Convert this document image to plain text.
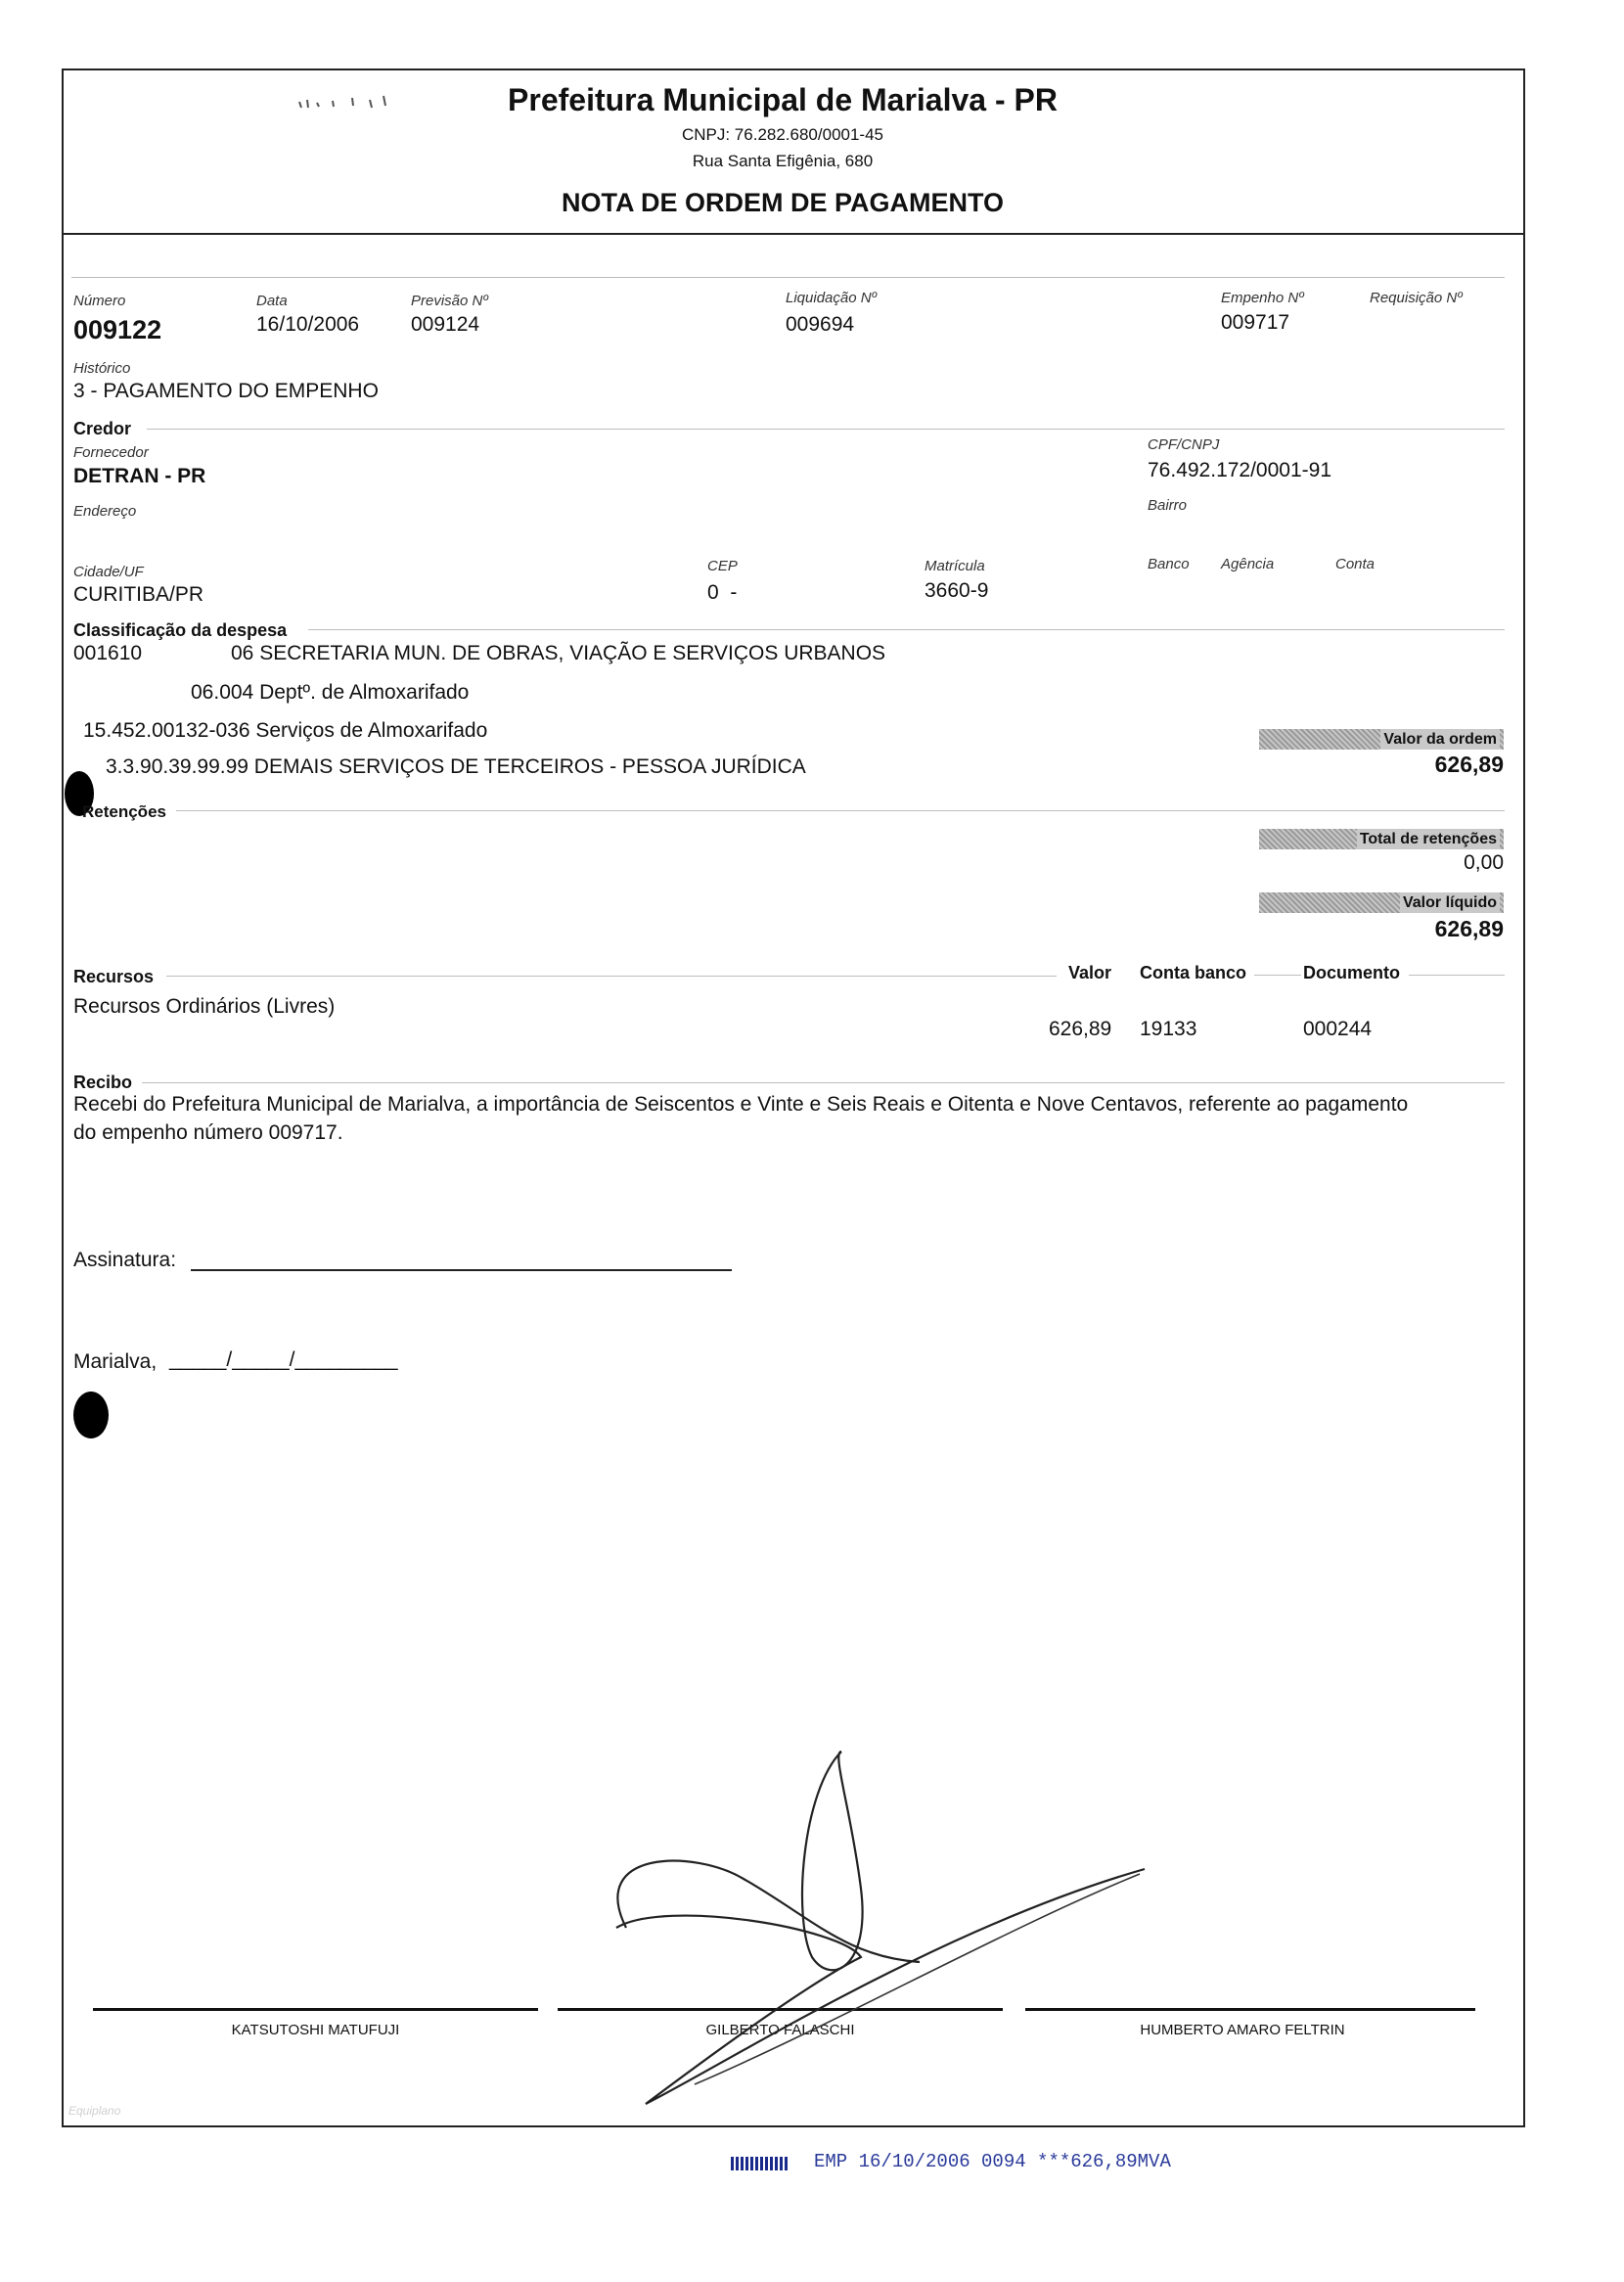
Prefeitura Municipal de Marialva - PR
CNPJ: 76.282.680/0001-45
Rua Santa Efigênia, 680
NOTA DE ORDEM DE PAGAMENTO
Número
009122
Data
16/10/2006
Previsão Nº
009124
Liquidação Nº
009694
Empenho Nº
009717
Requisição Nº
Histórico
3 - PAGAMENTO DO EMPENHO
Credor
Fornecedor
DETRAN - PR
CPF/CNPJ
76.492.172/0001-91
Endereço	Bairro
Cidade/UF
CURITIBA/PR
CEP
0  -
Matrícula
3660-9
Banco Agência	Conta
Classificação da despesa
001610	06 SECRETARIA MUN. DE OBRAS, VIAÇÃO E SERVIÇOS URBANOS
06.004 Deptº. de Almoxarifado
15.452.00132-036 Serviços de Almoxarifado
3.3.90.39.99.99 DEMAIS SERVIÇOS DE TERCEIROS - PESSOA JURÍDICA
Valor da ordem
626,89
Retenções
Total de retenções
0,00
Valor líquido
626,89
Recursos	Valor Conta banco	Documento
Recursos Ordinários (Livres)
626,89 19133	000244
Recibo
Recebi do Prefeitura Municipal de Marialva, a importância de Seiscentos e Vinte e Seis Reais e Oitenta e Nove Centavos, referente ao pagamento
do empenho número 009717.
Assinatura:
Marialva, _____/_____/_________
KATSUTOSHI MATUFUJI	GILBERTO FALASCHI	HUMBERTO AMARO FELTRIN
Equiplano
EMP 16/10/2006 0094 ***626,89MVA
